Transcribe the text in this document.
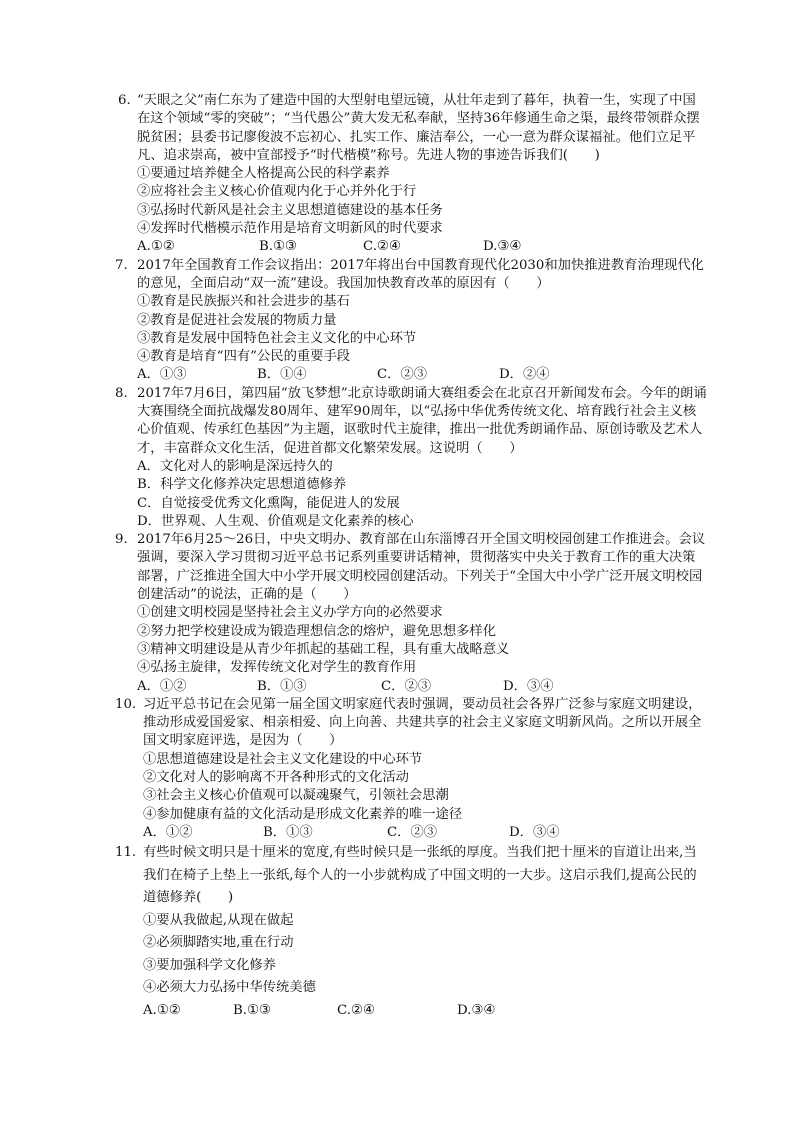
6. “天眼之父”南仁东为了建造中国的大型射电望远镜，从壮年走到了暮年，执着一生，实现了中国在这个领域“零的突破”；“当代愚公”黄大发无私奉献，坚持36年修通生命之渠，最终带领群众摆脱贫困；县委书记廖俊波不忘初心、扎实工作、廉洁奉公，一心一意为群众谋福祉。他们立足平凡、追求崇高，被中宣部授予“时代楷模”称号。先进人物的事迹告诉我们(　　)
①要通过培养健全人格提高公民的科学素养
②应将社会主义核心价值观内化于心并外化于行
③弘扬时代新风是社会主义思想道德建设的基本任务
④发挥时代楷模示范作用是培育文明新风的时代要求
A.①②	B.①③	C.②④	D.③④
7. 2017年全国教育工作会议指出：2017年将出台中国教育现代化2030和加快推进教育治理现代化的意见，全面启动“双一流”建设。我国加快教育改革的原因有（　　）
①教育是民族振兴和社会进步的基石
②教育是促进社会发展的物质力量
③教育是发展中国特色社会主义文化的中心环节
④教育是培育“四有”公民的重要手段
A．①③	B．①④	C．②③	D．②④
8. 2017年7月6日，第四届“放飞梦想”北京诗歌朗诵大赛组委会在北京召开新闻发布会。今年的朗诵大赛围绕全面抗战爆发80周年、建军90周年，以“弘扬中华优秀传统文化、培育践行社会主义核心价值观、传承红色基因”为主题，讴歌时代主旋律，推出一批优秀朗诵作品、原创诗歌及艺术人才，丰富群众文化生活，促进首都文化繁荣发展。这说明（　　）
A．文化对人的影响是深远持久的
B．科学文化修养决定思想道德修养
C．自觉接受优秀文化熏陶，能促进人的发展
D．世界观、人生观、价值观是文化素养的核心
9. 2017年6月25～26日，中央文明办、教育部在山东淄博召开全国文明校园创建工作推进会。会议强调，要深入学习贯彻习近平总书记系列重要讲话精神，贯彻落实中央关于教育工作的重大决策部署，广泛推进全国大中小学开展文明校园创建活动。下列关于“全国大中小学广泛开展文明校园创建活动”的说法，正确的是（　　）
①创建文明校园是坚持社会主义办学方向的必然要求
②努力把学校建设成为锻造理想信念的熔炉，避免思想多样化
③精神文明建设是从青少年抓起的基础工程，具有重大战略意义
④弘扬主旋律，发挥传统文化对学生的教育作用
A．①②	B．①③	C．②③	D．③④
10. 习近平总书记在会见第一届全国文明家庭代表时强调，要动员社会各界广泛参与家庭文明建设，推动形成爱国爱家、相亲相爱、向上向善、共建共享的社会主义家庭文明新风尚。之所以开展全国文明家庭评选，是因为（　　）
①思想道德建设是社会主义文化建设的中心环节
②文化对人的影响离不开各种形式的文化活动
③社会主义核心价值观可以凝魂聚气，引领社会思潮
④参加健康有益的文化活动是形成文化素养的唯一途径
A．①②	B．①③	C．②③	D．③④
11. 有些时候文明只是十厘米的宽度,有些时候只是一张纸的厚度。当我们把十厘米的盲道让出来,当我们在椅子上垫上一张纸,每个人的一小步就构成了中国文明的一大步。这启示我们,提高公民的道德修养(　　)
①要从我做起,从现在做起
②必须脚踏实地,重在行动
③要加强科学文化修养
④必须大力弘扬中华传统美德
A.①②	B.①③	C.②④	D.③④
